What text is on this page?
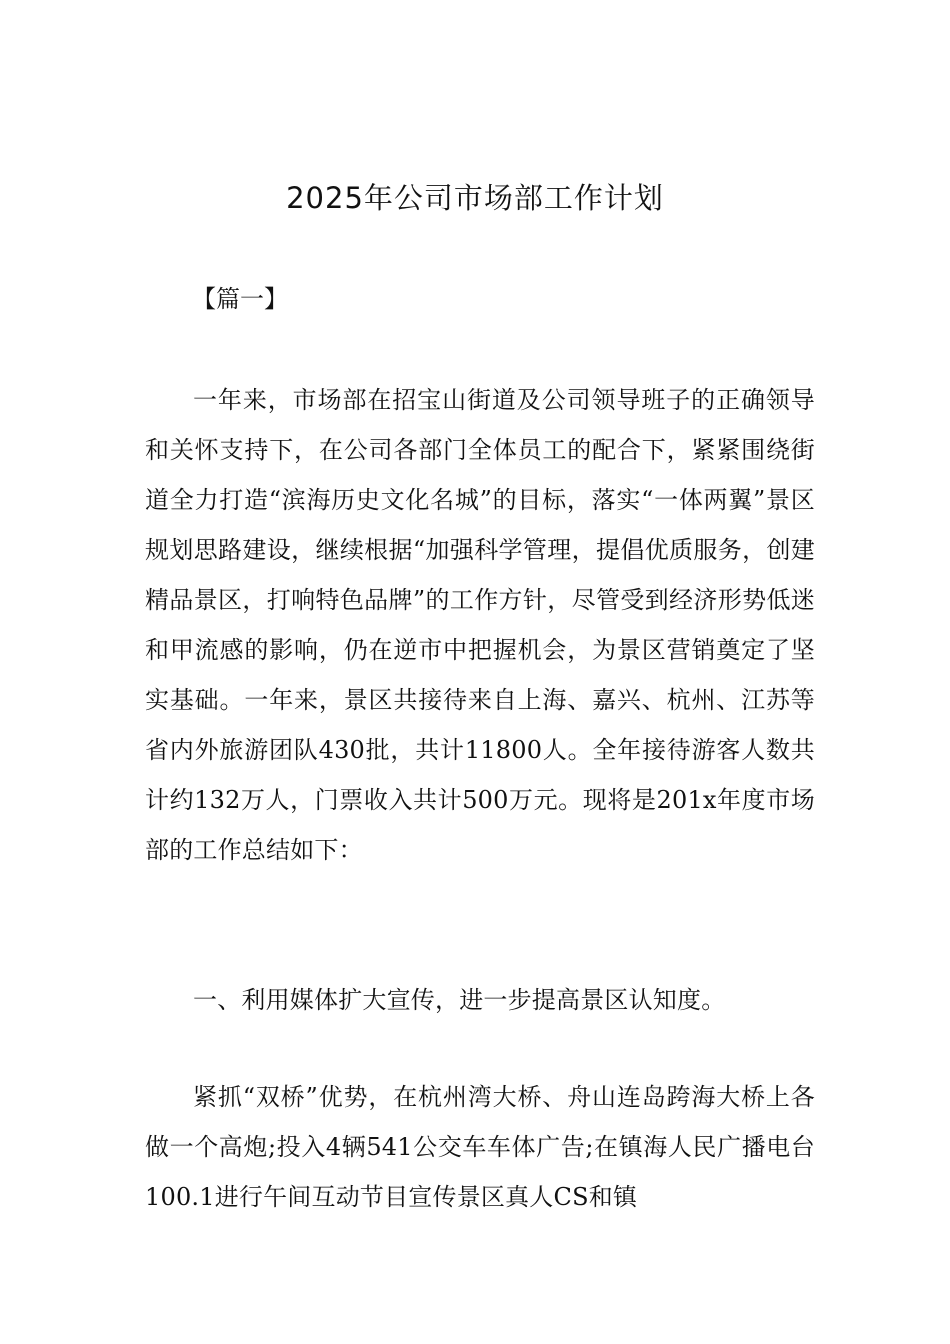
2025年公司市场部工作计划

【篇一】

一年来，市场部在招宝山街道及公司领导班子的正确领导和关怀支持下，在公司各部门全体员工的配合下，紧紧围绕街道全力打造“滨海历史文化名城”的目标，落实“一体两翼”景区规划思路建设，继续根据“加强科学管理，提倡优质服务，创建精品景区，打响特色品牌”的工作方针，尽管受到经济形势低迷和甲流感的影响，仍在逆市中把握机会，为景区营销奠定了坚实基础。一年来，景区共接待来自上海、嘉兴、杭州、江苏等省内外旅游团队430批，共计11800人。全年接待游客人数共计约132万人，门票收入共计500万元。现将是201x年度市场部的工作总结如下：

一、利用媒体扩大宣传，进一步提高景区认知度。

紧抓“双桥”优势，在杭州湾大桥、舟山连岛跨海大桥上各做一个高炮;投入4辆541公交车车体广告;在镇海人民广播电台100.1进行午间互动节目宣传景区真人CS和镇
